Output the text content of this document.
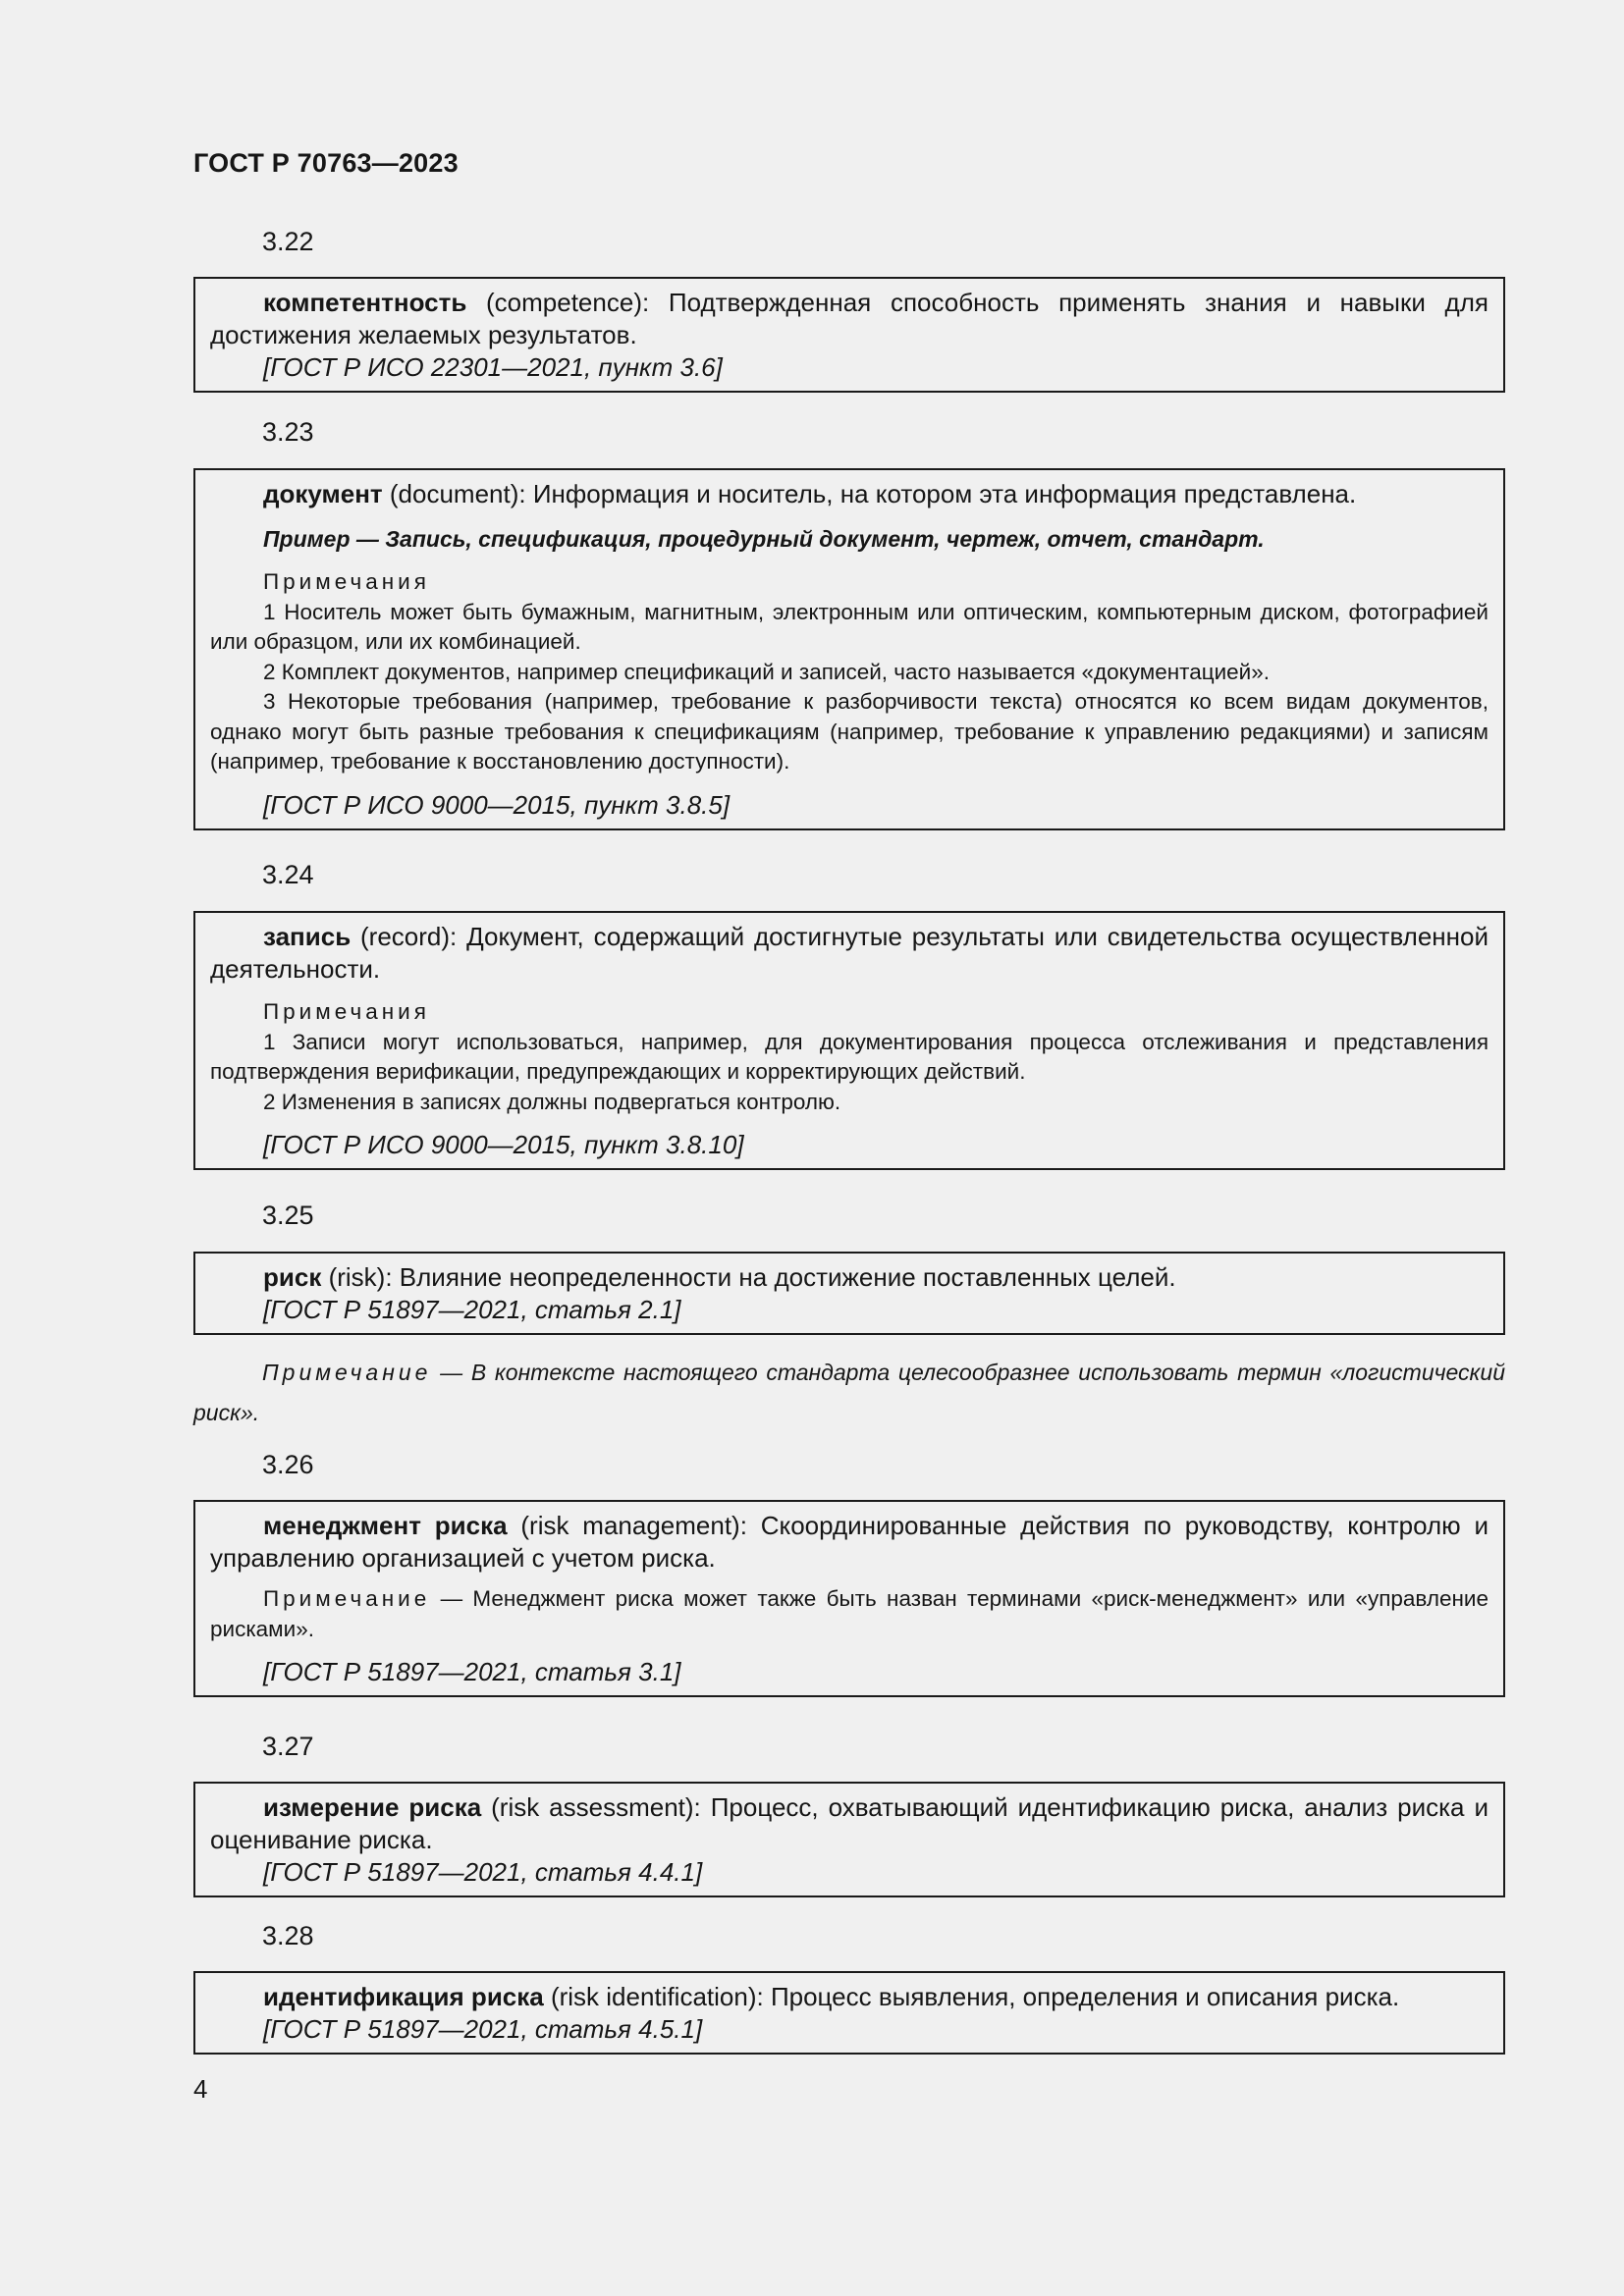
ГОСТ Р 70763—2023
3.22
компетентность (competence): Подтвержденная способность применять знания и навыки для достижения желаемых результатов.
[ГОСТ Р ИСО 22301—2021, пункт 3.6]
3.23
документ (document): Информация и носитель, на котором эта информация представлена.
Пример — Запись, спецификация, процедурный документ, чертеж, отчет, стандарт.
Примечания
1 Носитель может быть бумажным, магнитным, электронным или оптическим, компьютерным диском, фотографией или образцом, или их комбинацией.
2 Комплект документов, например спецификаций и записей, часто называется «документацией».
3 Некоторые требования (например, требование к разборчивости текста) относятся ко всем видам документов, однако могут быть разные требования к спецификациям (например, требование к управлению редакциями) и записям (например, требование к восстановлению доступности).
[ГОСТ Р ИСО 9000—2015, пункт 3.8.5]
3.24
запись (record): Документ, содержащий достигнутые результаты или свидетельства осуществленной деятельности.
Примечания
1 Записи могут использоваться, например, для документирования процесса отслеживания и представления подтверждения верификации, предупреждающих и корректирующих действий.
2 Изменения в записях должны подвергаться контролю.
[ГОСТ Р ИСО 9000—2015, пункт 3.8.10]
3.25
риск (risk): Влияние неопределенности на достижение поставленных целей.
[ГОСТ Р 51897—2021, статья 2.1]
Примечание — В контексте настоящего стандарта целесообразнее использовать термин «логистический риск».
3.26
менеджмент риска (risk management): Скоординированные действия по руководству, контролю и управлению организацией с учетом риска.
Примечание — Менеджмент риска может также быть назван терминами «риск-менеджмент» или «управление рисками».
[ГОСТ Р 51897—2021, статья 3.1]
3.27
измерение риска (risk assessment): Процесс, охватывающий идентификацию риска, анализ риска и оценивание риска.
[ГОСТ Р 51897—2021, статья 4.4.1]
3.28
идентификация риска (risk identification): Процесс выявления, определения и описания риска.
[ГОСТ Р 51897—2021, статья 4.5.1]
4
